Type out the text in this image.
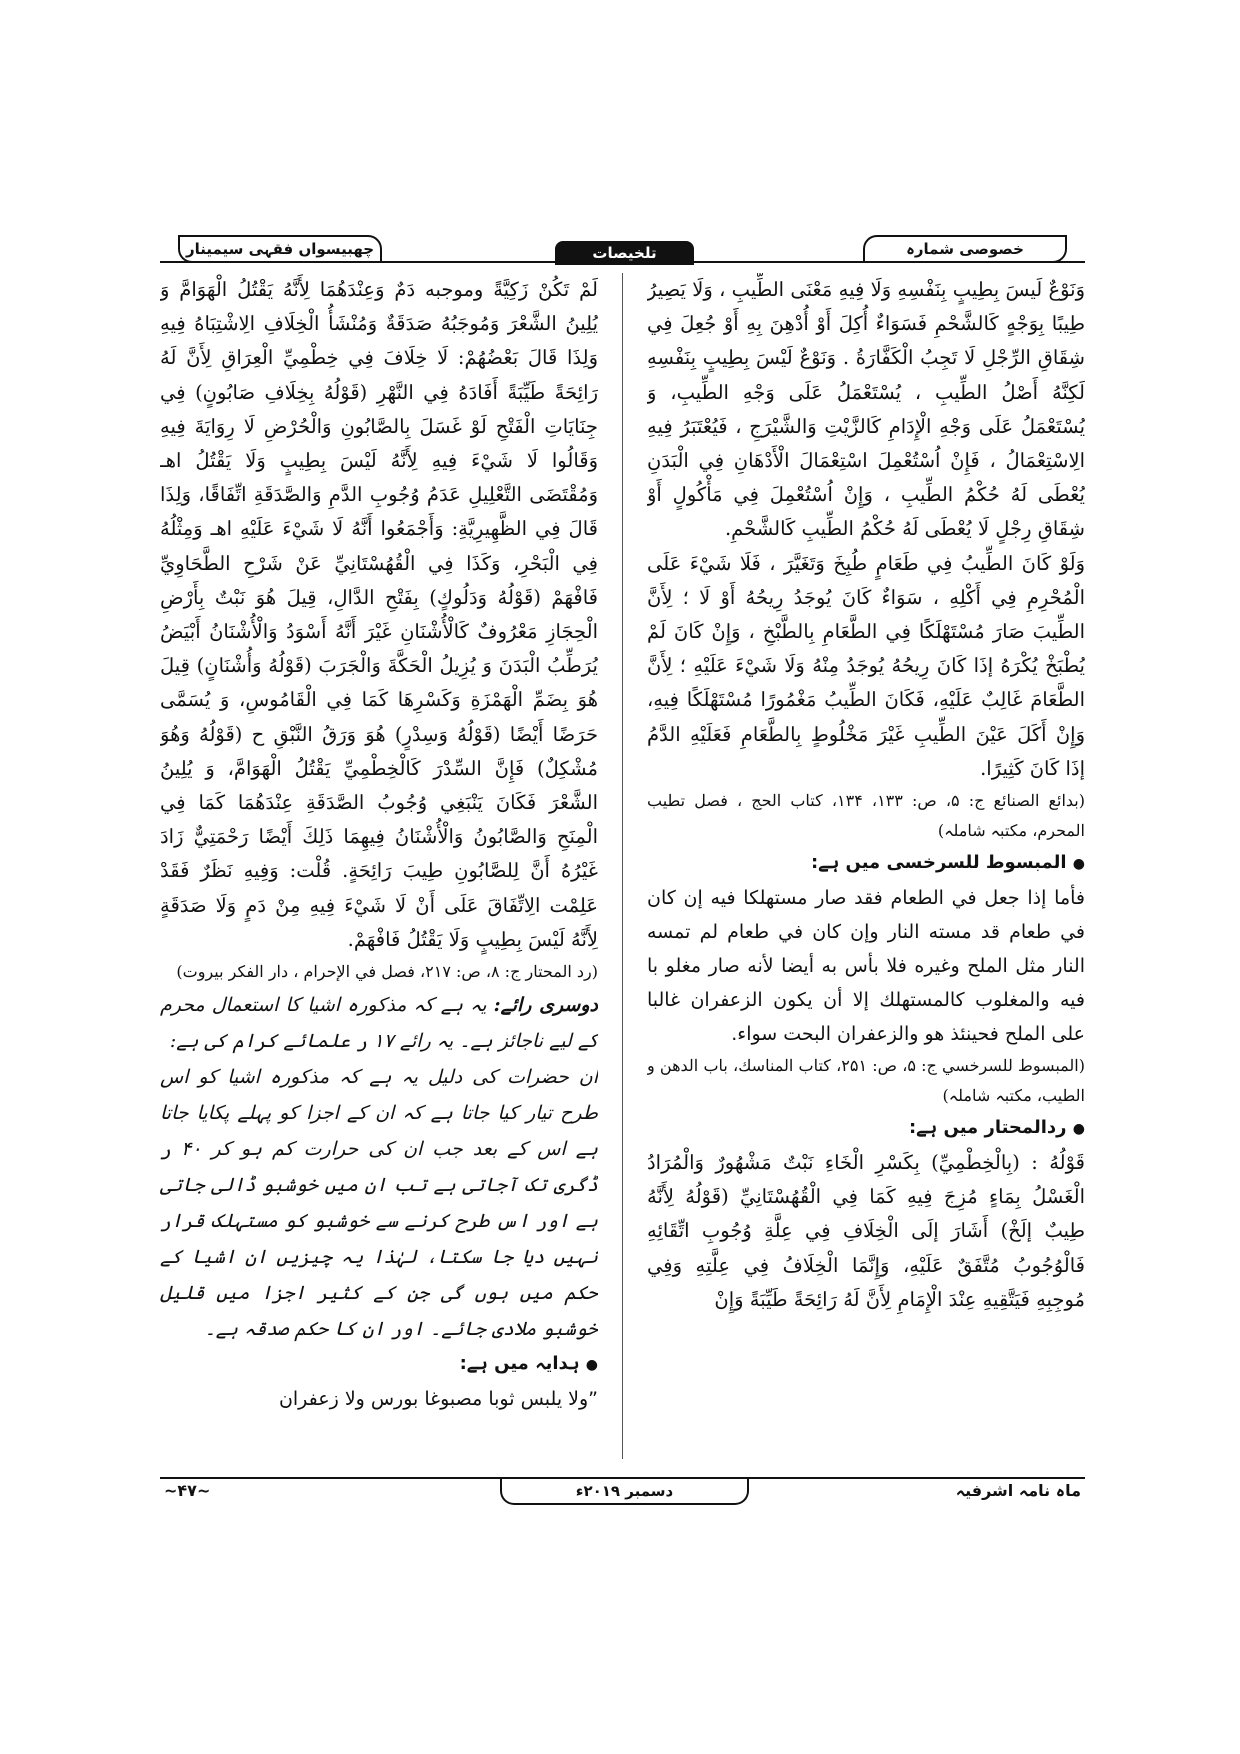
چھبیسواں فقہی سیمینار	تلخیصات	خصوصی شمارہ

وَنَوْعٌ لَيسَ بِطِيبٍ بِنَفْسِهِ وَلَا فِيهِ مَعْنَى الطِّيبِ ، وَلَا يَصِيرُ طِيبًا بِوَجْهٍ كَالشَّحْمِ فَسَوَاءٌ أُكِلَ أَوْ أُدْهِنَ بِهِ أَوْ جُعِلَ فِي شِقَاقِ الرِّجْلِ لَا تَجِبُ الْكَفَّارَةُ . وَنَوْعٌ لَيْسَ بِطِيبٍ بِنَفْسِهِ لَكِنَّهُ أَصْلُ الطِّيبِ ، يُسْتَعْمَلُ عَلَى وَجْهِ الطِّيبِ، وَ يُسْتَعْمَلُ عَلَى وَجْهِ الْإِدَامِ كَالزَّيْتِ وَالشَّيْرَجِ ، فَيُعْتَبَرُ فِيهِ الِاسْتِعْمَالُ ، فَإِنْ اُسْتُعْمِلَ اسْتِعْمَالَ الْأَدْهَانِ فِي الْبَدَنِ يُعْطَى لَهُ حُكْمُ الطِّيبِ ، وَإِنْ اُسْتُعْمِلَ فِي مَأْكُولٍ أَوْ شِقَاقِ رِجْلٍ لَا يُعْطَى لَهُ حُكْمُ الطِّيبِ كَالشَّحْمِ.

وَلَوْ كَانَ الطِّيبُ فِي طَعَامٍ طُبِخَ وَتَغَيَّرَ ، فَلَا شَيْءَ عَلَى الْمُحْرِمِ فِي أَكْلِهِ ، سَوَاءٌ كَانَ يُوجَدُ رِيحُهُ أَوْ لَا ؛ لِأَنَّ الطِّيبَ صَارَ مُسْتَهْلَكًا فِي الطَّعَامِ بِالطَّبْخِ ، وَإِنْ كَانَ لَمْ يُطْبَخْ يُكْرَهُ إذَا كَانَ رِيحُهُ يُوجَدُ مِنْهُ وَلَا شَيْءَ عَلَيْهِ ؛ لِأَنَّ الطَّعَامَ غَالِبٌ عَلَيْهِ، فَكَانَ الطِّيبُ مَغْمُورًا مُسْتَهْلَكًا فِيهِ، وَإِنْ أَكَلَ عَيْنَ الطِّيبِ غَيْرَ مَخْلُوطٍ بِالطَّعَامِ فَعَلَيْهِ الدَّمُ إذَا كَانَ كَثِيرًا.

(بدائع الصنائع ج: ۵، ص: ۱۳۳، ۱۳۴، کتاب الحج ، فصل تطیب المحرم، مکتبہ شاملہ)

● المبسوط للسرخسی میں ہے:

فأما إذا جعل في الطعام فقد صار مستهلكا فيه إن كان في طعام قد مسته النار وإن كان في طعام لم تمسه النار مثل الملح وغيره فلا بأس به أيضا لأنه صار مغلو با فيه والمغلوب كالمستهلك إلا أن يكون الزعفران غالبا على الملح فحينئذ هو والزعفران البحت سواء.

(المبسوط للسرخسي ج: ۵، ص: ۲۵۱، کتاب المناسك، باب الدهن و الطيب، مکتبہ شاملہ)

● ردالمحتار میں ہے:

قَوْلُهُ : (بِالْخِطْمِيِّ) بِكَسْرِ الْخَاءِ نَبْتٌ مَشْهُورٌ وَالْمُرَادُ الْغَسْلُ بِمَاءٍ مُزِجَ فِيهِ كَمَا فِي الْقُهُسْتَانِيِّ (قَوْلُهُ لِأَنَّهُ طِيبٌ إلَخْ) أَشَارَ إلَى الْخِلَافِ فِي عِلَّةِ وُجُوبِ اتِّقَائِهِ فَالْوُجُوبُ مُتَّفَقٌ عَلَيْهِ، وَإِنَّمَا الْخِلَافُ فِي عِلَّتِهِ وَفِي مُوجِبِهِ فَيَتَّقِيهِ عِنْدَ الْإِمَامِ لِأَنَّ لَهُ رَائِحَةً طَيِّبَةً وَإِنْ

لَمْ تَكُنْ زَكِيَّةً وموجبه دَمٌ وَعِنْدَهُمَا لِأَنَّهُ يَقْتُلُ الْهَوَامَّ وَ يُلِينُ الشَّعْرَ وَمُوجَبُهُ صَدَقَةٌ وَمُنْشَأُ الْخِلَافِ الِاشْتِبَاهُ فِيهِ وَلِذَا قَالَ بَعْضُهُمْ: لَا خِلَافَ فِي خِطْمِيِّ الْعِرَاقِ لِأَنَّ لَهُ رَائِحَةً طَيِّبَةً أَفَادَهُ فِي النَّهْرِ (قَوْلُهُ بِخِلَافِ صَابُونٍ) فِي جِنَايَاتِ الْفَتْحِ لَوْ غَسَلَ بِالصَّابُونِ وَالْحُرْضِ لَا رِوَايَةَ فِيهِ وَقَالُوا لَا شَيْءَ فِيهِ لِأَنَّهُ لَيْسَ بِطِيبٍ وَلَا يَقْتُلُ اهـ وَمُقْتَضَى التَّعْلِيلِ عَدَمُ وُجُوبِ الدَّمِ وَالصَّدَقَةِ اتِّفَاقًا، وَلِذَا قَالَ فِي الظَّهِيرِيَّةِ: وَأَجْمَعُوا أَنَّهُ لَا شَيْءَ عَلَيْهِ اهـ وَمِثْلُهُ فِي الْبَحْرِ، وَكَذَا فِي الْقُهُسْتَانِيِّ عَنْ شَرْحِ الطَّحَاوِيِّ فَافْهَمْ (قَوْلُهُ وَدَلُوكٍ) بِفَتْحِ الدَّالِ، قِيلَ هُوَ نَبْتٌ بِأَرْضِ الْحِجَازِ مَعْرُوفٌ كَالْأُشْنَانِ غَيْرَ أَنَّهُ أَسْوَدُ وَالْأُشْنَانُ أَبْيَضُ يُرَطِّبُ الْبَدَنَ وَ يُزِيلُ الْحَكَّةَ وَالْجَرَبَ (قَوْلُهُ وَأُشْنَانٍ) قِيلَ هُوَ بِضَمِّ الْهَمْزَةِ وَكَسْرِهَا كَمَا فِي الْقَامُوسِ، وَ يُسَمَّى حَرَضًا أَيْضًا (قَوْلُهُ وَسِدْرٍ) هُوَ وَرَقُ النَّبْقِ ح (قَوْلُهُ وَهُوَ مُشْكِلٌ) فَإِنَّ السِّدْرَ كَالْخِطْمِيِّ يَقْتُلُ الْهَوَامَّ، وَ يُلِينُ الشَّعْرَ فَكَانَ يَنْبَغِي وُجُوبُ الصَّدَقَةِ عِنْدَهُمَا كَمَا فِي الْمِنَحِ وَالصَّابُونُ وَالْأُشْنَانُ فِيهِمَا ذَلِكَ أَيْضًا رَحْمَتِيٌّ زَادَ غَيْرُهُ أَنَّ لِلصَّابُونِ طِيبَ رَائِحَةٍ. قُلْت: وَفِيهِ نَظَرٌ فَقَدْ عَلِمْت الِاتِّفَاقَ عَلَى أَنْ لَا شَيْءَ فِيهِ مِنْ دَمٍ وَلَا صَدَقَةٍ لِأَنَّهُ لَيْسَ بِطِيبٍ وَلَا يَقْتُلُ فَافْهَمْ.

(رد المحتار ج: ۸، ص: ۲۱۷، فصل في الإحرام ، دار الفکر بیروت)

دوسری رائے: یہ ہے کہ مذکورہ اشیا کا استعمال محرم کے لیے ناجائز ہے۔ یہ رائے ۱۷ ر علمائے کرام کی ہے:

ان حضرات کی دلیل یہ ہے کہ مذکورہ اشیا کو اس طرح تیار کیا جاتا ہے کہ ان کے اجزا کو پہلے پکایا جاتا ہے اس کے بعد جب ان کی حرارت کم ہو کر ۴۰ ر ڈگری تک آجاتی ہے تب ان میں خوشبو ڈالی جاتی ہے اور اس طرح کرنے سے خوشبو کو مستہلک قرار نہیں دیا جا سکتا، لہٰذا یہ چیزیں ان اشیا کے حکم میں ہوں گی جن کے کثیر اجزا میں قلیل خوشبو ملادی جائے۔ اور ان کا حکم صدقہ ہے۔

● ہدایہ میں ہے:

”ولا يلبس ثوبا مصبوغا بورس ولا زعفران

~۴۷~	دسمبر ۲۰۱۹ء	ماہ نامہ اشرفیہ
